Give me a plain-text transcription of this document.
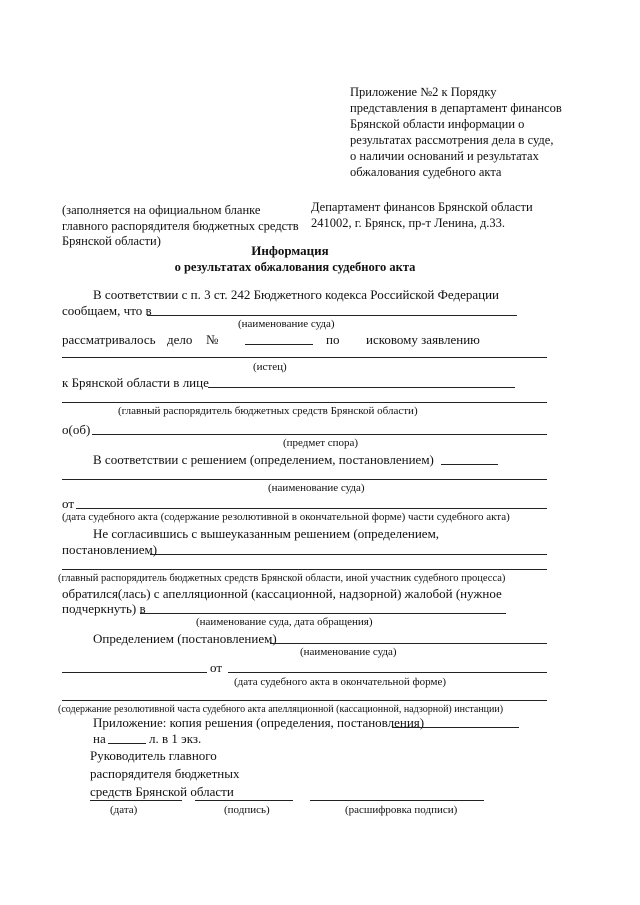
Приложение №2 к Порядку
представления в департамент финансов
Брянской области информации о
результатах рассмотрения дела в суде,
о наличии оснований и результатах
обжалования судебного акта
(заполняется на официальном бланке
главного распорядителя бюджетных средств
Брянской области)
Департамент финансов Брянской области
241002, г. Брянск, пр-т Ленина, д.33.
Информация
о результатах обжалования судебного акта
В соответствии с п. 3 ст. 242 Бюджетного кодекса Российской Федерации
сообщаем, что в
(наименование суда)
рассматривалось дело №	по исковому заявлению
(истец)
к Брянской области в лице
(главный распорядитель бюджетных средств Брянской области)
о(об)
(предмет спора)
В соответствии с решением (определением, постановлением)
(наименование суда)
от
(дата судебного акта (содержание резолютивной в окончательной форме) части судебного акта)
Не согласившись с вышеуказанным решением (определением,
постановлением)
(главный распорядитель бюджетных средств Брянской области, иной участник судебного процесса)
обратился(лась) с апелляционной (кассационной, надзорной) жалобой (нужное
подчеркнуть) в
(наименование суда, дата обращения)
Определением (постановлением)
(наименование суда)
от
(дата судебного акта в окончательной форме)
(содержание резолютивной часта судебного акта апелляционной (кассационной, надзорной) инстанции)
Приложение: копия решения (определения, постановления)
на	л. в 1 экз.
Руководитель главного
распорядителя бюджетных
средств Брянской области
(дата)	(подпись)	(расшифровка подписи)
